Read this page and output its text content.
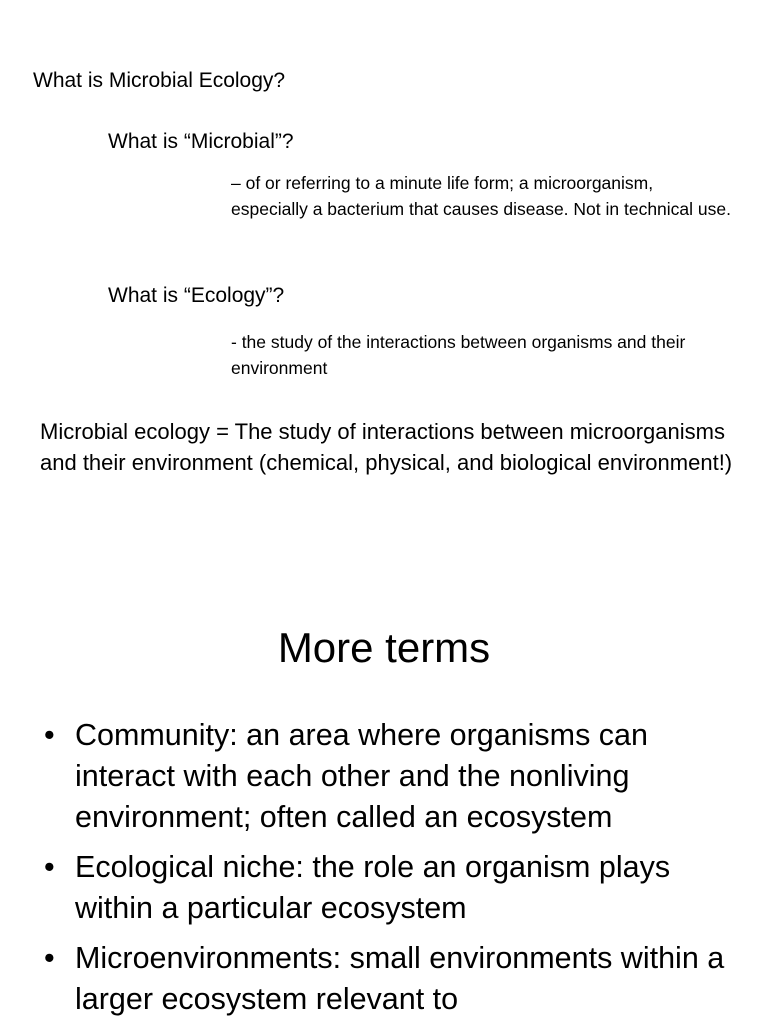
What is Microbial Ecology?

What is “Microbial”?

– of or referring to a minute life form; a microorganism, especially a bacterium that causes disease. Not in technical use.

What is “Ecology”?

- the study of the interactions between organisms and their environment

Microbial ecology = The study of interactions between microorganisms and their environment (chemical, physical, and biological environment!)

More terms
• Community: an area where organisms can interact with each other and the nonliving environment; often called an ecosystem
• Ecological niche: the role an organism plays within a particular ecosystem
• Microenvironments: small environments within a larger ecosystem relevant to
